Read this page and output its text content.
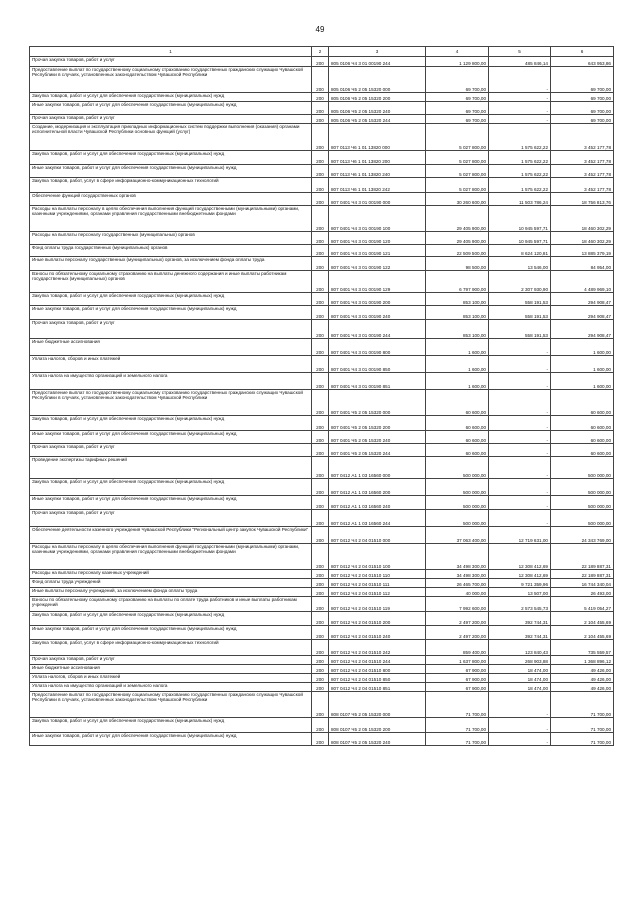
49
1	2	3	4	5	6
Прочая закупка товаров, работ и услуг	200	805 0106 Ч4 3 01 00190 244	1 129 800,00	485 846,14	643 953,86
Предоставление выплат по государственному социальному страхованию государственных гражданских служащих Чувашской Республики в случаях, установленных законодательством Чувашской Республики	200	805 0106 Ч5 2 05 15320 000	69 700,00	-	69 700,00
Закупка товаров, работ и услуг для обеспечения государственных (муниципальных) нужд	200	805 0106 Ч5 2 05 15320 200	69 700,00	-	69 700,00
Иные закупки товаров, работ и услуг для обеспечения государственных (муниципальных) нужд	200	805 0106 Ч5 2 05 15320 240	69 700,00	-	69 700,00
Прочая закупка товаров, работ и услуг	200	805 0106 Ч5 2 05 15320 244	69 700,00	-	69 700,00
Создание, модернизация и эксплуатация прикладных информационных систем поддержки выполнения (оказания) органами исполнительной власти Чувашской Республики основных функций (услуг)	200	807 0113 Ч6 1 01 13820 000	5 027 800,00	1 575 622,22	3 452 177,78
Закупка товаров, работ и услуг для обеспечения государственных (муниципальных) нужд	200	807 0113 Ч6 1 01 13820 200	5 027 800,00	1 575 622,22	3 452 177,78
Иные закупки товаров, работ и услуг для обеспечения государственных (муниципальных) нужд	200	807 0113 Ч6 1 01 13820 240	5 027 800,00	1 575 622,22	3 452 177,78
Закупка товаров, работ, услуг в сфере информационно-коммуникационных технологий	200	807 0113 Ч6 1 01 13820 242	5 027 800,00	1 575 622,22	3 452 177,78
Обеспечение функций государственных органов	200	807 0401 Ч4 3 01 00190 000	30 260 600,00	11 503 786,24	18 756 813,76
Расходы на выплаты персоналу в целях обеспечения выполнения функций государственными (муниципальными) органами, казенными учреждениями, органами управления государственными внебюджетными фондами	200	807 0401 Ч4 3 01 00190 100	29 405 900,00	10 945 597,71	18 460 302,29
Расходы на выплаты персоналу государственных (муниципальных) органов	200	807 0401 Ч4 3 01 00190 120	29 405 900,00	10 945 597,71	18 460 302,29
Фонд оплаты труда государственных (муниципальных) органов	200	807 0401 Ч4 3 01 00190 121	22 509 500,00	8 624 120,81	13 885 379,19
Иные выплаты персоналу государственных (муниципальных) органов, за исключением фонда оплаты труда	200	807 0401 Ч4 3 01 00190 122	98 500,00	13 546,00	84 954,00
Взносы по обязательному социальному страхованию на выплаты денежного содержания и иные выплаты работникам государственных (муниципальных) органов	200	807 0401 Ч4 3 01 00190 129	6 797 900,00	2 307 930,90	4 489 969,10
Закупка товаров, работ и услуг для обеспечения государственных (муниципальных) нужд	200	807 0401 Ч4 3 01 00190 200	853 100,00	558 191,53	294 908,47
Иные закупки товаров, работ и услуг для обеспечения государственных (муниципальных) нужд	200	807 0401 Ч4 3 01 00190 240	853 100,00	558 191,53	294 908,47
Прочая закупка товаров, работ и услуг	200	807 0401 Ч4 3 01 00190 244	853 100,00	558 191,53	294 908,47
Иные бюджетные ассигнования	200	807 0401 Ч4 3 01 00190 800	1 600,00	-	1 600,00
Уплата налогов, сборов и иных платежей	200	807 0401 Ч4 3 01 00190 850	1 600,00	-	1 600,00
Уплата налога на имущество организаций и земельного налога	200	807 0401 Ч4 3 01 00190 851	1 600,00	-	1 600,00
Предоставление выплат по государственному социальному страхованию государственных гражданских служащих Чувашской Республики в случаях, установленных законодательством Чувашской Республики	200	807 0401 Ч5 2 05 15320 000	60 600,00	-	60 600,00
Закупка товаров, работ и услуг для обеспечения государственных (муниципальных) нужд	200	807 0401 Ч5 2 05 15320 200	60 600,00	-	60 600,00
Иные закупки товаров, работ и услуг для обеспечения государственных (муниципальных) нужд	200	807 0401 Ч5 2 05 15320 240	60 600,00	-	60 600,00
Прочая закупка товаров, работ и услуг	200	807 0401 Ч5 2 05 15320 244	60 600,00	-	60 600,00
Проведение экспертизы тарифных решений	200	807 0412 А1 1 03 16560 000	500 000,00	-	500 000,00
Закупка товаров, работ и услуг для обеспечения государственных (муниципальных) нужд	200	807 0412 А1 1 03 16560 200	500 000,00	-	500 000,00
Иные закупки товаров, работ и услуг для обеспечения государственных (муниципальных) нужд	200	807 0412 А1 1 03 16560 240	500 000,00	-	500 000,00
Прочая закупка товаров, работ и услуг	200	807 0412 А1 1 03 16560 244	500 000,00	-	500 000,00
Обеспечение деятельности казенного учреждения Чувашской Республики "Региональный центр закупок Чувашской Республики"	200	807 0412 Ч4 2 04 01510 000	37 063 400,00	12 719 631,00	24 343 769,00
Расходы на выплаты персоналу в целях обеспечения выполнения функций государственными (муниципальными) органами, казенными учреждениями, органами управления государственными внебюджетными фондами	200	807 0412 Ч4 2 04 01510 100	34 498 300,00	12 308 412,69	22 189 887,31
Расходы на выплаты персоналу казенных учреждений	200	807 0412 Ч4 2 04 01510 110	34 498 300,00	12 308 412,69	22 189 887,31
Фонд оплаты труда учреждений	200	807 0412 Ч4 2 04 01510 111	26 465 700,00	9 721 359,96	16 744 340,04
Иные выплаты персоналу учреждений, за исключением фонда оплаты труда	200	807 0412 Ч4 2 04 01510 112	40 000,00	13 507,00	26 493,00
Взносы по обязательному социальному страхованию на выплаты по оплате труда работников и иные выплаты работникам учреждений	200	807 0412 Ч4 2 04 01510 119	7 992 600,00	2 573 545,73	5 419 054,27
Закупка товаров, работ и услуг для обеспечения государственных (муниципальных) нужд	200	807 0412 Ч4 2 04 01510 200	2 497 200,00	392 744,31	2 104 455,69
Иные закупки товаров, работ и услуг для обеспечения государственных (муниципальных) нужд	200	807 0412 Ч4 2 04 01510 240	2 497 200,00	392 744,31	2 104 455,69
Закупка товаров, работ, услуг в сфере информационно-коммуникационных технологий	200	807 0412 Ч4 2 04 01510 242	859 400,00	123 840,43	735 559,57
Прочая закупка товаров, работ и услуг	200	807 0412 Ч4 2 04 01510 244	1 637 800,00	268 903,88	1 368 896,12
Иные бюджетные ассигнования	200	807 0412 Ч4 2 04 01510 800	67 900,00	18 474,00	49 426,00
Уплата налогов, сборов и иных платежей	200	807 0412 Ч4 2 04 01510 850	67 900,00	18 474,00	49 426,00
Уплата налога на имущество организаций и земельного налога	200	807 0412 Ч4 2 04 01510 851	67 900,00	18 474,00	49 426,00
Предоставление выплат по государственному социальному страхованию государственных гражданских служащих Чувашской Республики в случаях, установленных законодательством Чувашской Республики	200	808 0107 Ч5 2 05 15320 000	71 700,00	-	71 700,00
Закупка товаров, работ и услуг для обеспечения государственных (муниципальных) нужд	200	808 0107 Ч5 2 05 15320 200	71 700,00	-	71 700,00
Иные закупки товаров, работ и услуг для обеспечения государственных (муниципальных) нужд	200	808 0107 Ч5 2 05 15320 240	71 700,00	-	71 700,00
